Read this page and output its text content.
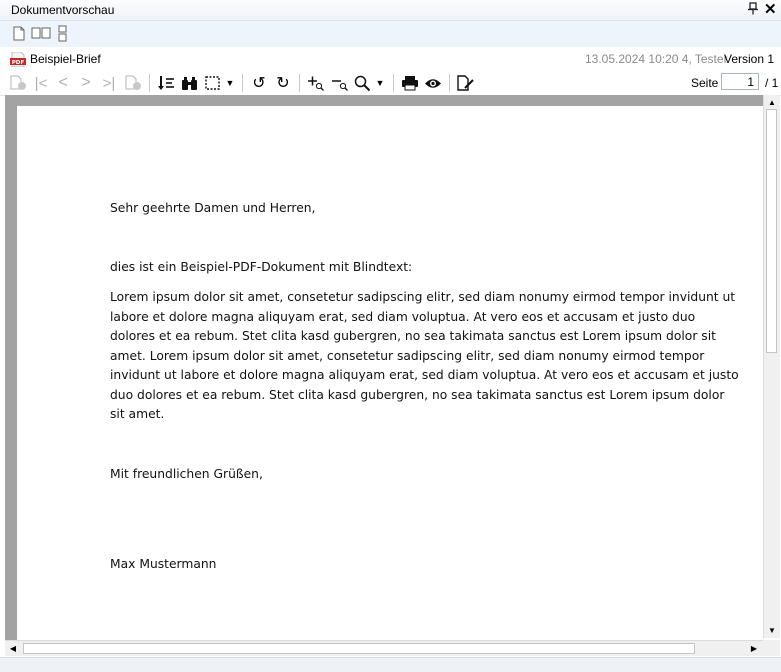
Dokumentvorschau	✕
PDF Beispiel-Brief	13.05.2024 10:20 4, Tester
Version 1
|< < > >|	▼ ↺ ↻	▼	Seite	1 / 1

Sehr geehrte Damen und Herren,

dies ist ein Beispiel-PDF-Dokument mit Blindtext:

Lorem ipsum dolor sit amet, consetetur sadipscing elitr, sed diam nonumy eirmod tempor invidunt ut

labore et dolore magna aliquyam erat, sed diam voluptua. At vero eos et accusam et justo duo

dolores et ea rebum. Stet clita kasd gubergren, no sea takimata sanctus est Lorem ipsum dolor sit

amet. Lorem ipsum dolor sit amet, consetetur sadipscing elitr, sed diam nonumy eirmod tempor

invidunt ut labore et dolore magna aliquyam erat, sed diam voluptua. At vero eos et accusam et justo

duo dolores et ea rebum. Stet clita kasd gubergren, no sea takimata sanctus est Lorem ipsum dolor

sit amet.

Mit freundlichen Grüßen,

Max Mustermann

▲
▼
◀	▶
